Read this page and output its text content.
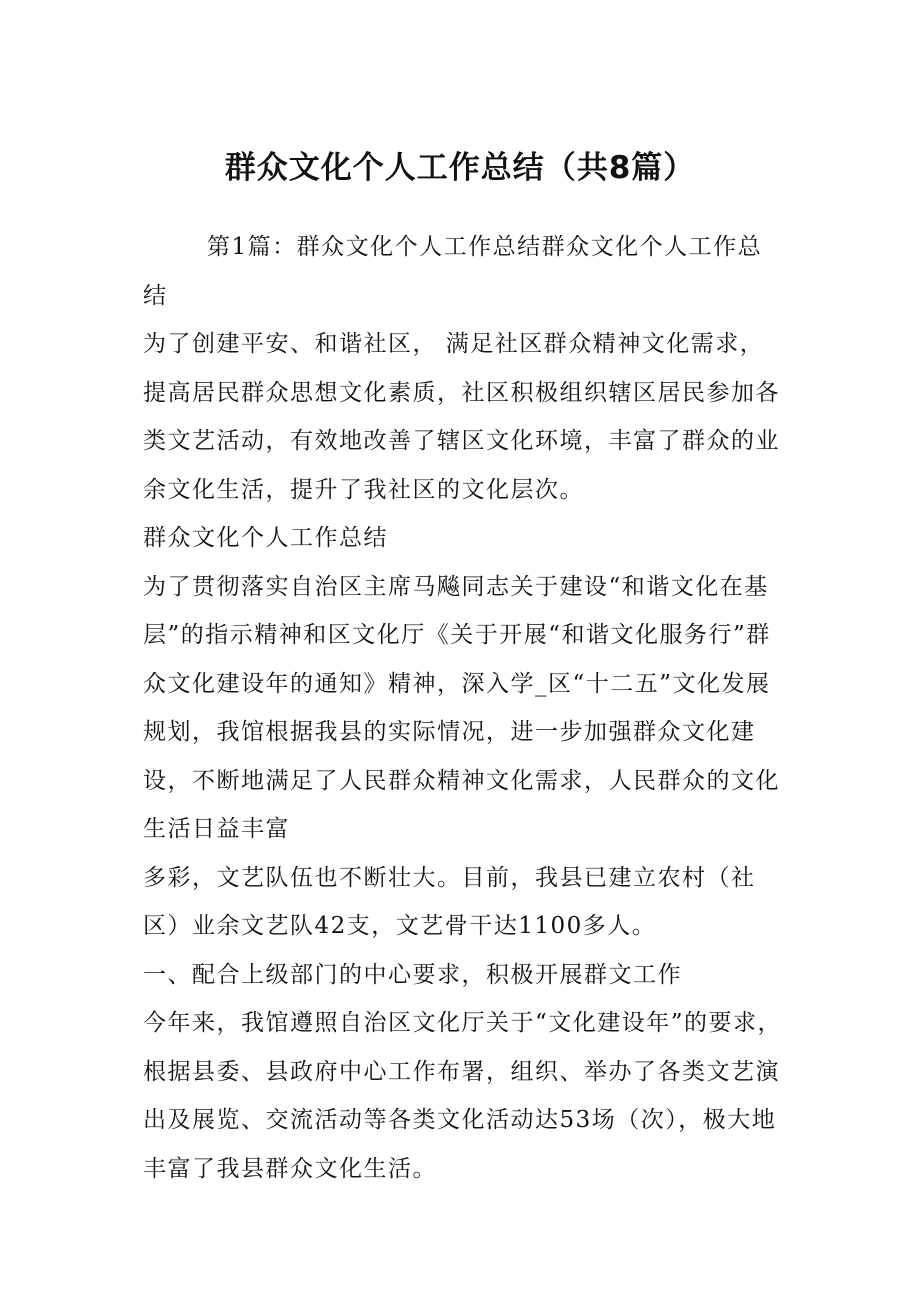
群众文化个人工作总结（共8篇）

第1篇：群众文化个人工作总结群众文化个人工作总结

为了创建平安、和谐社区， 满足社区群众精神文化需求，提高居民群众思想文化素质，社区积极组织辖区居民参加各类文艺活动，有效地改善了辖区文化环境，丰富了群众的业余文化生活，提升了我社区的文化层次。

群众文化个人工作总结

为了贯彻落实自治区主席马飚同志关于建设“和谐文化在基层”的指示精神和区文化厅《关于开展“和谐文化服务行”群众文化建设年的通知》精神，深入学_区“十二五”文化发展规划，我馆根据我县的实际情况，进一步加强群众文化建设，不断地满足了人民群众精神文化需求，人民群众的文化生活日益丰富

多彩，文艺队伍也不断壮大。目前，我县已建立农村（社区）业余文艺队42支，文艺骨干达1100多人。

一、配合上级部门的中心要求，积极开展群文工作

今年来，我馆遵照自治区文化厅关于“文化建设年”的要求，根据县委、县政府中心工作布署，组织、举办了各类文艺演出及展览、交流活动等各类文化活动达53场（次），极大地丰富了我县群众文化生活。
